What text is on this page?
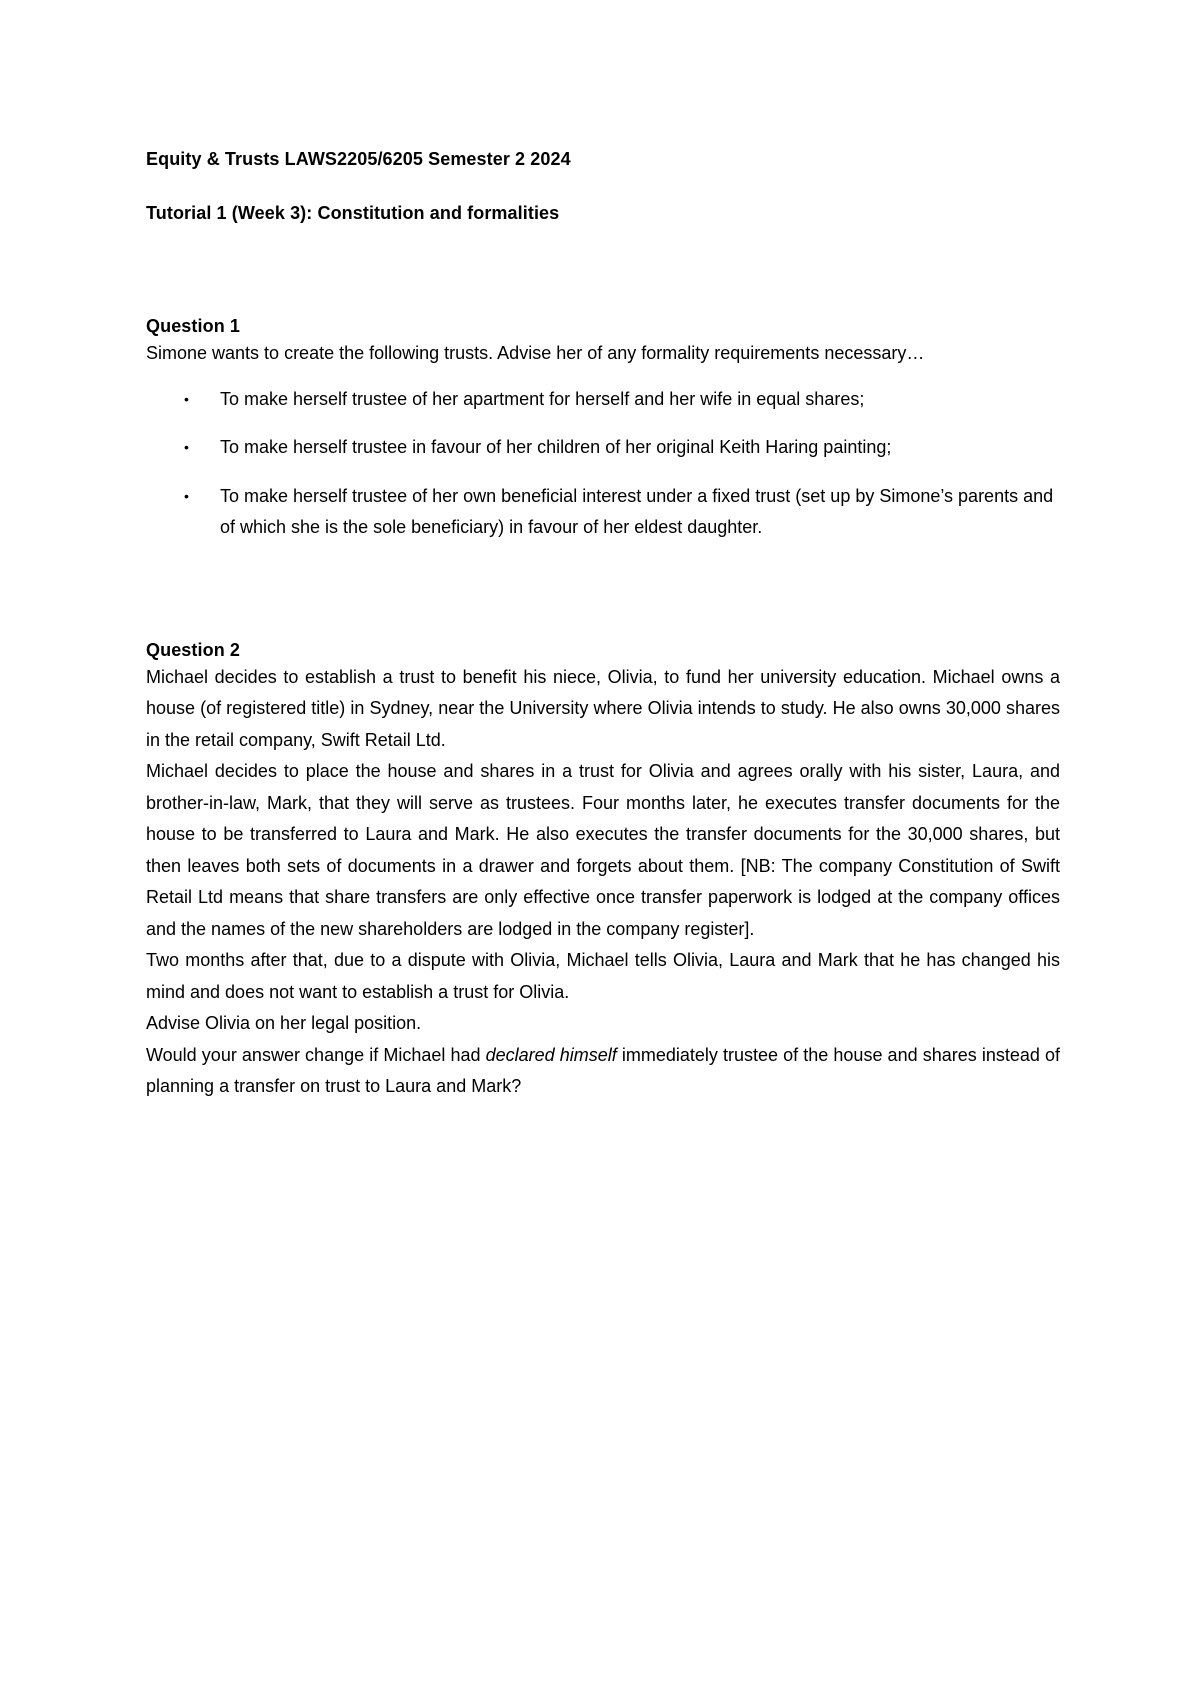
Equity & Trusts LAWS2205/6205 Semester 2 2024

Tutorial 1 (Week 3): Constitution and formalities

Question 1

Simone wants to create the following trusts. Advise her of any formality requirements necessary…

• To make herself trustee of her apartment for herself and her wife in equal shares;
• To make herself trustee in favour of her children of her original Keith Haring painting;
• To make herself trustee of her own beneficial interest under a fixed trust (set up by Simone’s parents and of which she is the sole beneficiary) in favour of her eldest daughter.

Question 2

Michael decides to establish a trust to benefit his niece, Olivia, to fund her university education. Michael owns a house (of registered title) in Sydney, near the University where Olivia intends to study. He also owns 30,000 shares in the retail company, Swift Retail Ltd.

Michael decides to place the house and shares in a trust for Olivia and agrees orally with his sister, Laura, and brother-in-law, Mark, that they will serve as trustees. Four months later, he executes transfer documents for the house to be transferred to Laura and Mark. He also executes the transfer documents for the 30,000 shares, but then leaves both sets of documents in a drawer and forgets about them. [NB: The company Constitution of Swift Retail Ltd means that share transfers are only effective once transfer paperwork is lodged at the company offices and the names of the new shareholders are lodged in the company register].

Two months after that, due to a dispute with Olivia, Michael tells Olivia, Laura and Mark that he has changed his mind and does not want to establish a trust for Olivia.

Advise Olivia on her legal position.

Would your answer change if Michael had declared himself immediately trustee of the house and shares instead of planning a transfer on trust to Laura and Mark?
